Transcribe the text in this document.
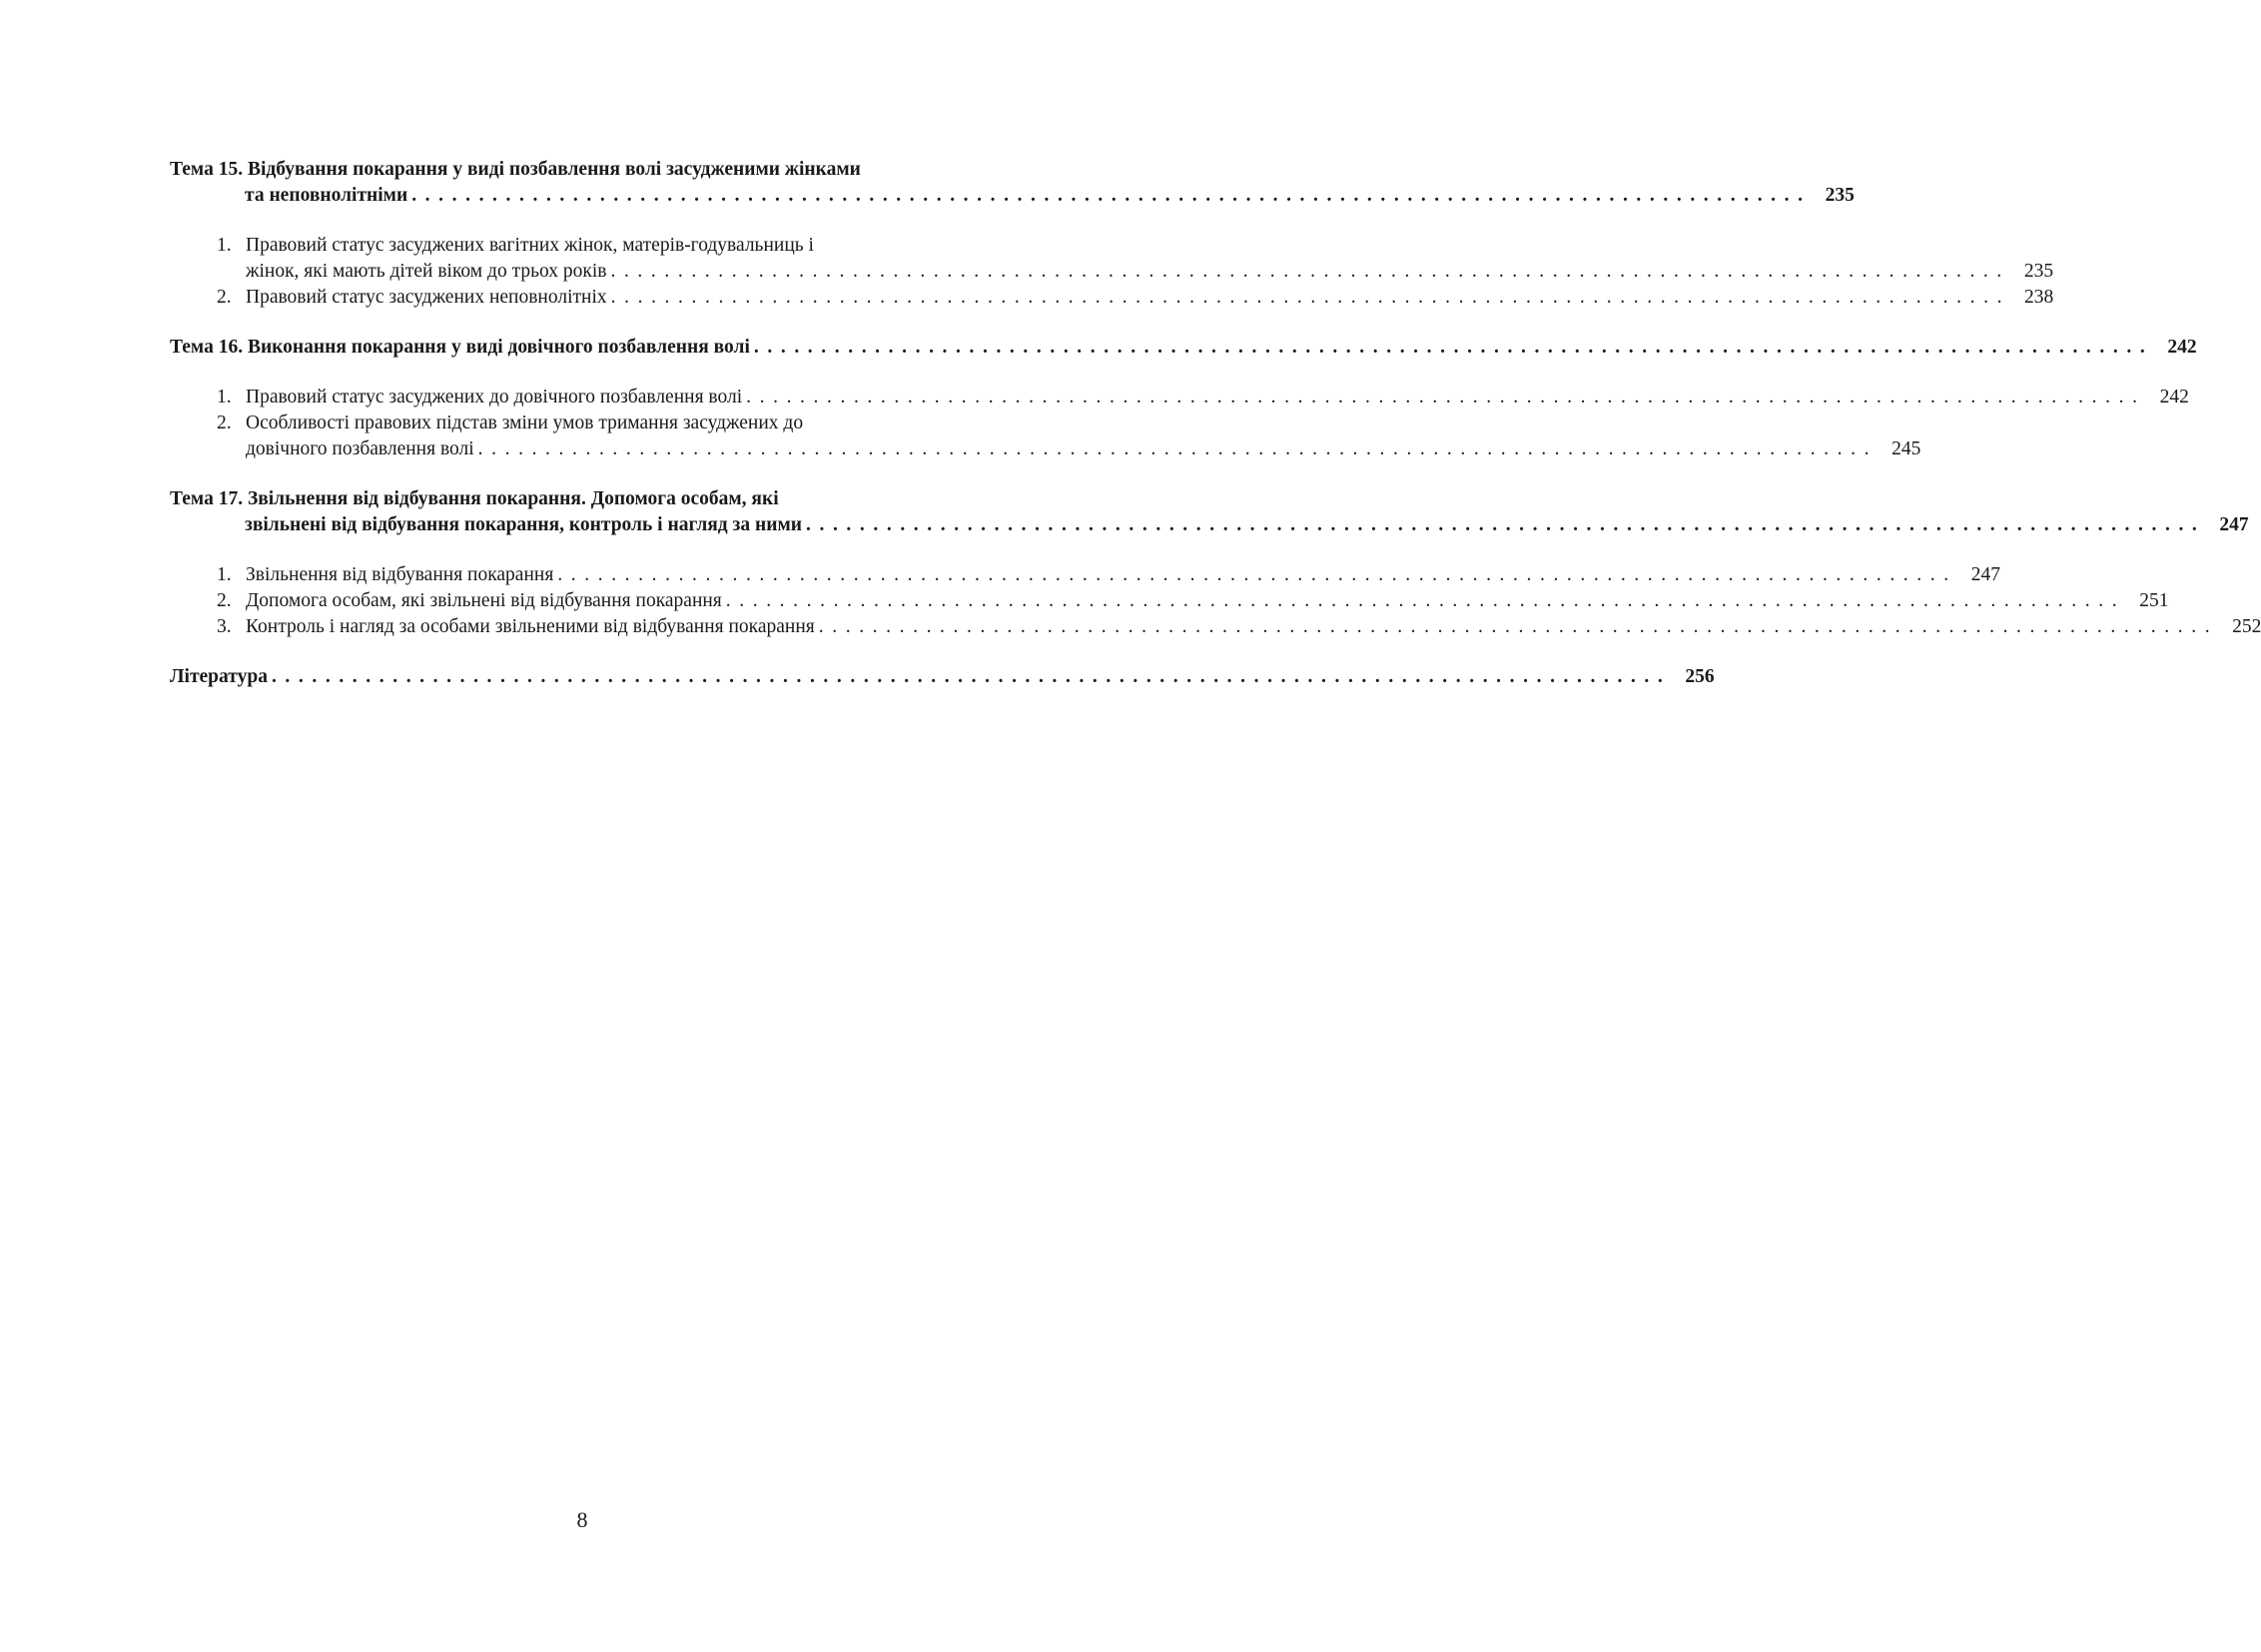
Тема 15. Відбування покарання у виді позбавлення волі засудженими жінками
та неповнолітніми ........................................................................................................ 235
1. Правовий статус засуджених вагітних жінок, матерів-годувальниць і
жінок, які мають дітей віком до трьох років ........................................................................................................ 235
2. Правовий статус засуджених неповнолітніх ........................................................................................................ 238
Тема 16. Виконання покарання у виді довічного позбавлення волі ........................................................................................................ 242
1. Правовий статус засуджених до довічного позбавлення волі ........................................................................................................ 242
2. Особливості правових підстав зміни умов тримання засуджених до
довічного позбавлення волі ........................................................................................................ 245
Тема 17. Звільнення від відбування покарання. Допомога особам, які
звільнені від відбування покарання, контроль і нагляд за ними ........................................................................................................ 247
1. Звільнення від відбування покарання ........................................................................................................ 247
2. Допомога особам, які звільнені від відбування покарання ........................................................................................................ 251
3. Контроль і нагляд за особами звільненими від відбування покарання ........................................................................................................ 252
Література ........................................................................................................ 256
8
